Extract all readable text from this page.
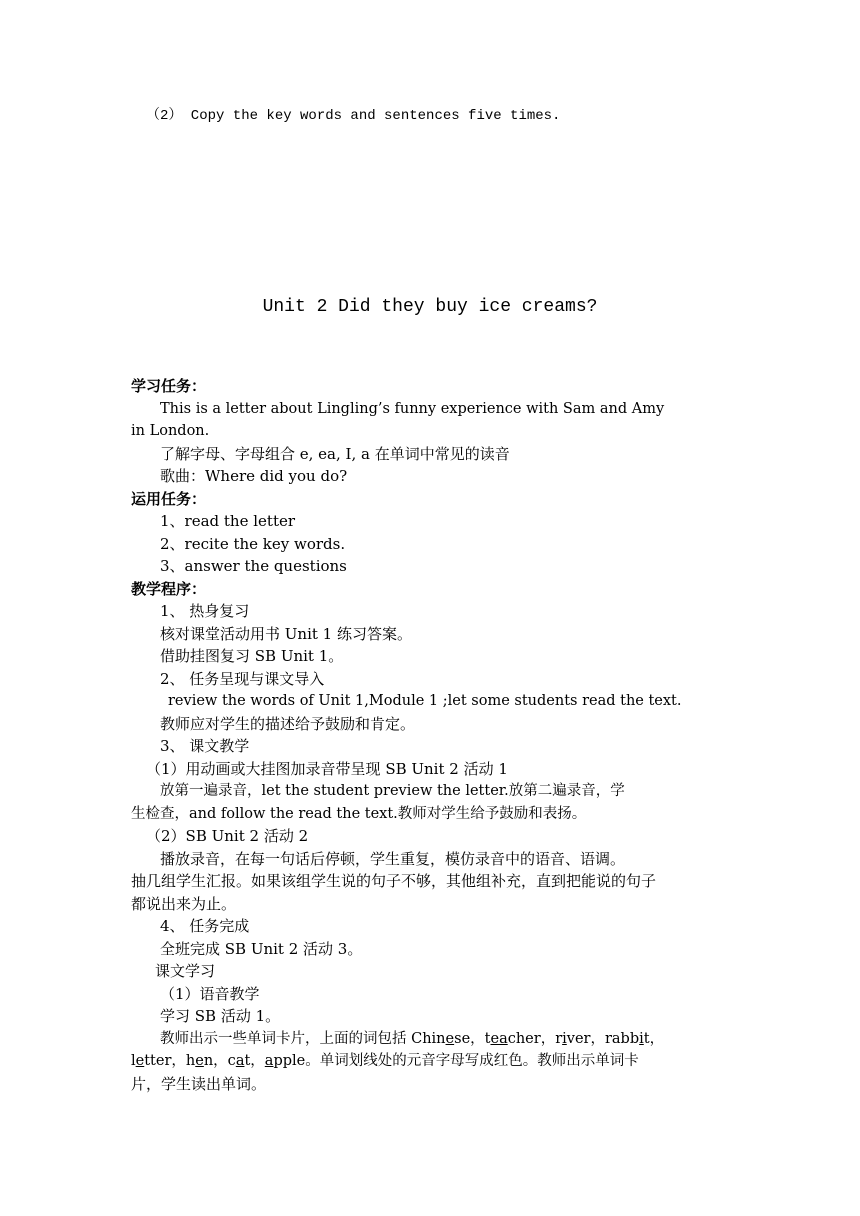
（2） Copy the key words and sentences five times.
Unit 2 Did they buy ice creams?
学习任务：
This is a letter about Lingling’s funny experience with Sam and Amy
in London.
了解字母、字母组合 e, ea, I, a 在单词中常见的读音
歌曲：Where did you do?
运用任务：
1、read the letter
2、recite the key words.
3、answer the questions
教学程序：
1、 热身复习
核对课堂活动用书 Unit 1 练习答案。
借助挂图复习 SB Unit 1。
2、 任务呈现与课文导入
review the words of Unit 1,Module 1 ;let some students read the text.
教师应对学生的描述给予鼓励和肯定。
3、 课文教学
（1）用动画或大挂图加录音带呈现 SB Unit 2 活动 1
放第一遍录音，let the student preview the letter.放第二遍录音，学
生检查，and follow the read the text.教师对学生给予鼓励和表扬。
（2）SB Unit 2 活动 2
播放录音，在每一句话后停顿，学生重复，模仿录音中的语音、语调。
抽几组学生汇报。如果该组学生说的句子不够，其他组补充，直到把能说的句子
都说出来为止。
4、 任务完成
全班完成 SB Unit 2 活动 3。
课文学习
（1）语音教学
学习 SB 活动 1。
教师出示一些单词卡片，上面的词包括 Chinese，teacher，river，rabbit，
letter，hen，cat，apple。单词划线处的元音字母写成红色。教师出示单词卡
片，学生读出单词。
